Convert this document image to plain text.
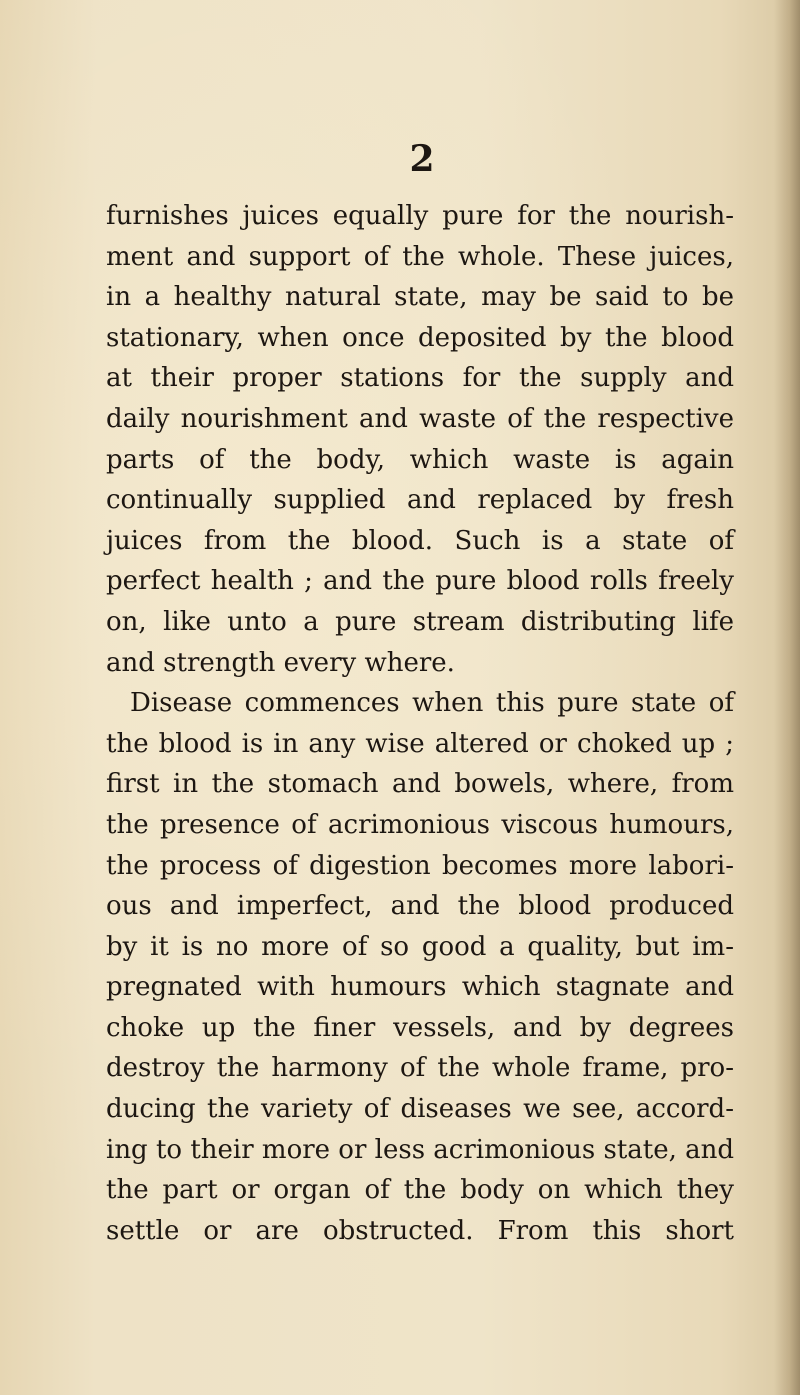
2
furnishes juices equally pure for the nourish-
ment and support of the whole. These juices,
in a healthy natural state, may be said to be
stationary, when once deposited by the blood
at their proper stations for the supply and
daily nourishment and waste of the respective
parts of the body, which waste is again
continually supplied and replaced by fresh
juices from the blood. Such is a state of
perfect health ; and the pure blood rolls freely
on, like unto a pure stream distributing life
and strength every where.
Disease commences when this pure state of
the blood is in any wise altered or choked up ;
first in the stomach and bowels, where, from
the presence of acrimonious viscous humours,
the process of digestion becomes more labori-
ous and imperfect, and the blood produced
by it is no more of so good a quality, but im-
pregnated with humours which stagnate and
choke up the finer vessels, and by degrees
destroy the harmony of the whole frame, pro-
ducing the variety of diseases we see, accord-
ing to their more or less acrimonious state, and
the part or organ of the body on which they
settle or are obstructed. From this short
